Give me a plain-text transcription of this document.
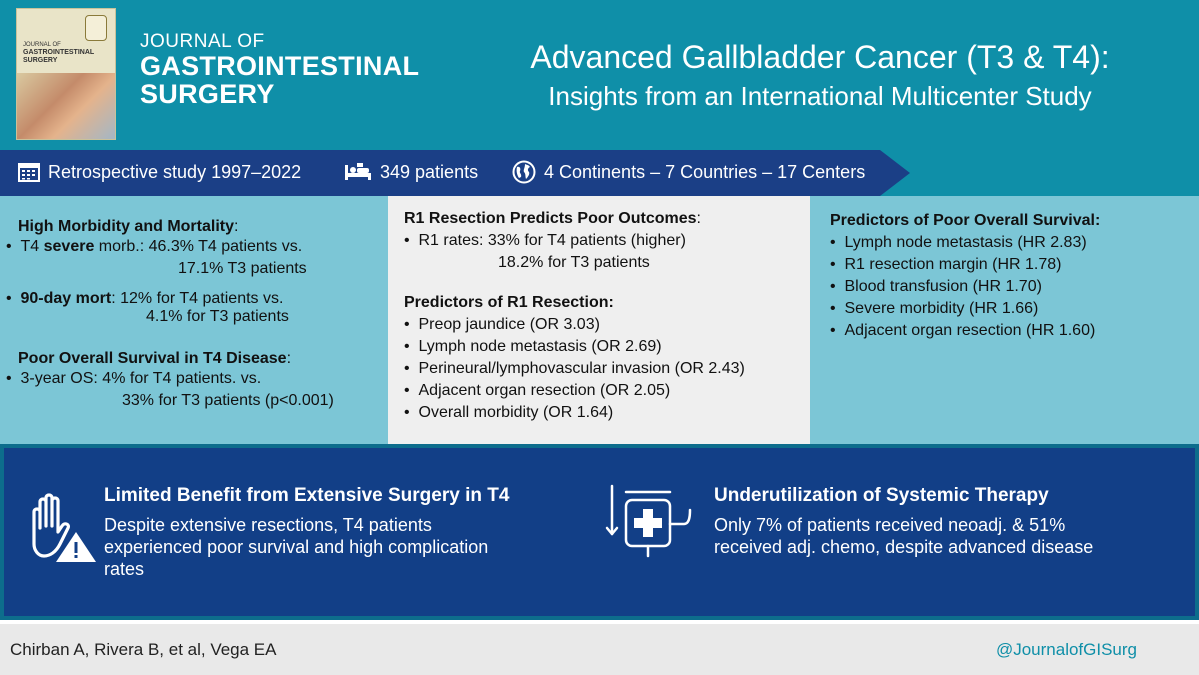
JOURNAL OF
GASTROINTESTINAL
SURGERY
JOURNAL OF
GASTROINTESTINAL
SURGERY
Advanced Gallbladder Cancer (T3 & T4):
Insights from an International Multicenter Study
Retrospective study 1997–2022	349 patients	4 Continents – 7 Countries – 17 Centers
High Morbidity and Mortality:
• T4 severe morb.: 46.3% T4 patients vs.
17.1% T3 patients
• 90-day mort: 12% for T4 patients vs.
4.1% for T3 patients
Poor Overall Survival in T4 Disease:
• 3-year OS: 4% for T4 patients. vs.
33% for T3 patients (p<0.001)
R1 Resection Predicts Poor Outcomes:
• R1 rates: 33% for T4 patients (higher)
18.2% for T3 patients
Predictors of R1 Resection:
• Preop jaundice (OR 3.03)
• Lymph node metastasis (OR 2.69)
• Perineural/lymphovascular invasion (OR 2.43)
• Adjacent organ resection (OR 2.05)
• Overall morbidity (OR 1.64)
Predictors of Poor Overall Survival:
• Lymph node metastasis (HR 2.83)
• R1 resection margin (HR 1.78)
• Blood transfusion (HR 1.70)
• Severe morbidity (HR 1.66)
• Adjacent organ resection (HR 1.60)
Limited Benefit from Extensive Surgery in T4
Despite extensive resections, T4 patients experienced poor survival and high complication rates
Underutilization of Systemic Therapy
Only 7% of patients received neoadj. & 51% received adj. chemo, despite advanced disease
Chirban A, Rivera B, et al, Vega EA	@JournalofGISurg
